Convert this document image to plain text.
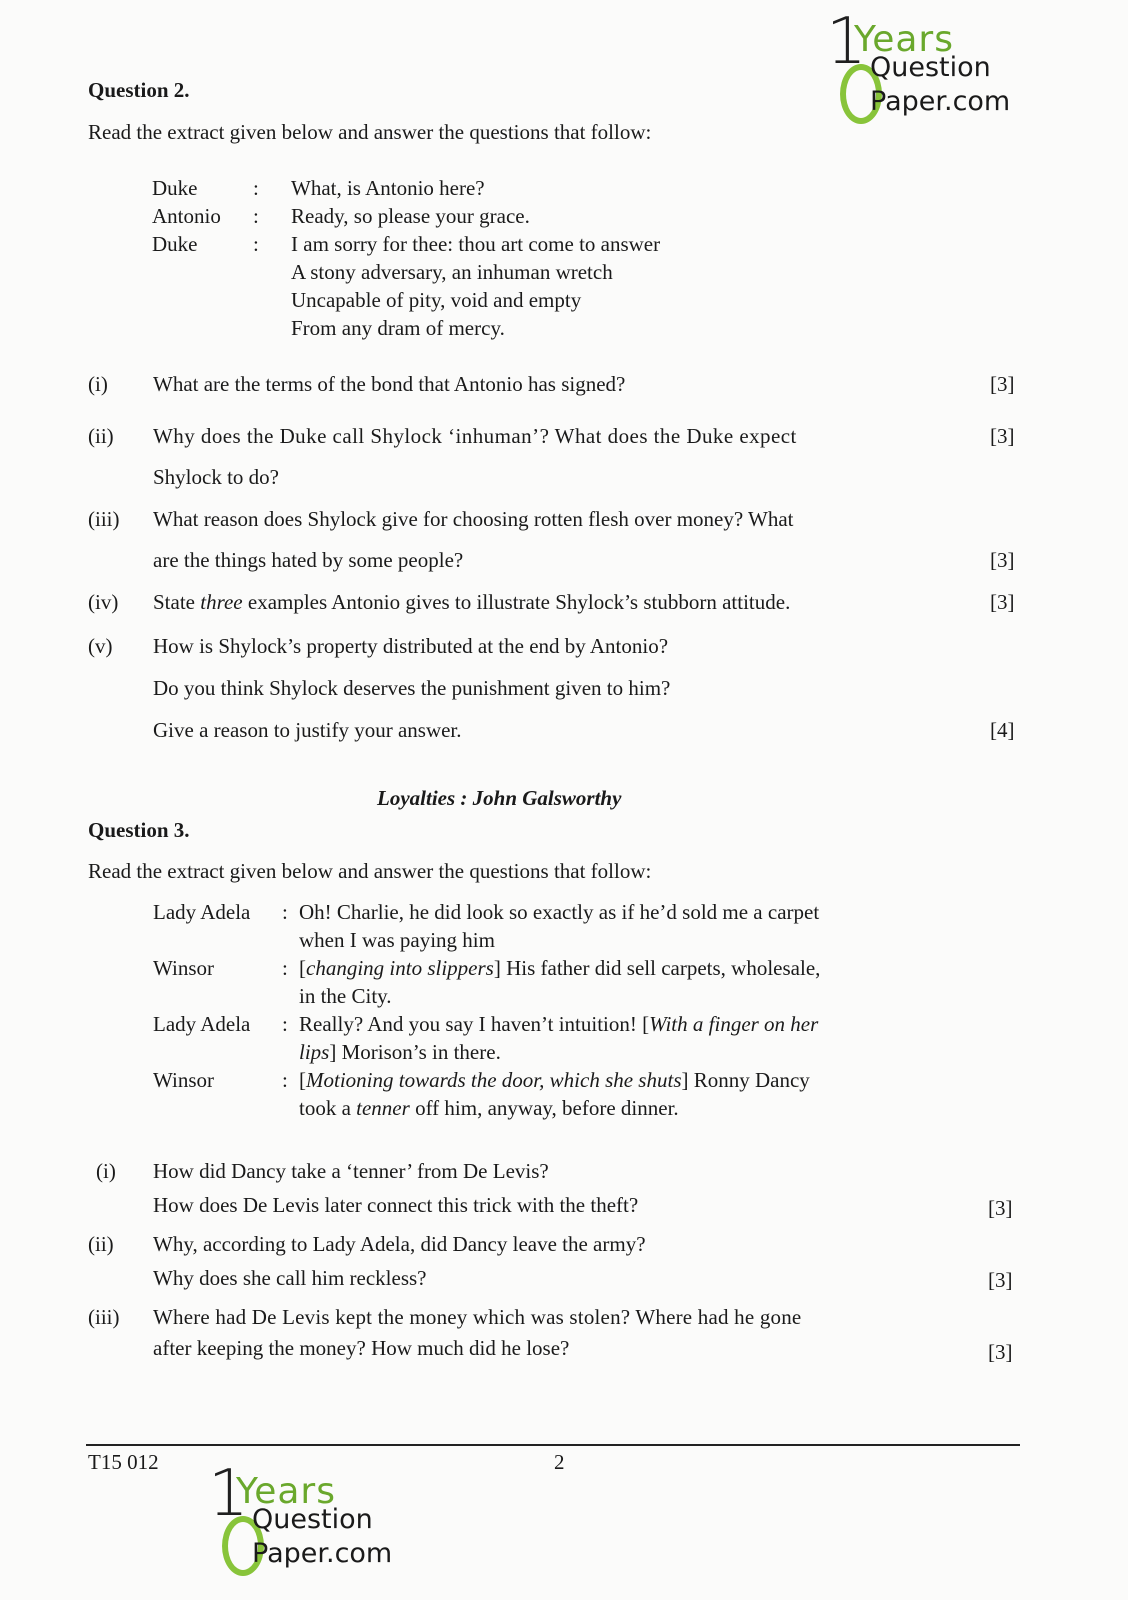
1
Years
Question
Paper.com
Question 2.
Read the extract given below and answer the questions that follow:
Duke	: What, is Antonio here?
Antonio : Ready, so please your grace.
Duke	: I am sorry for thee: thou art come to answer
A stony adversary, an inhuman wretch
Uncapable of pity, void and empty
From any dram of mercy.
(i) What are the terms of the bond that Antonio has signed?	[3]
(ii) Why does the Duke call Shylock ‘inhuman’? What does the Duke expect
Shylock to do?
[3]
(iii) What reason does Shylock give for choosing rotten flesh over money? What
are the things hated by some people?	[3]
(iv) State three examples Antonio gives to illustrate Shylock’s stubborn attitude.	[3]
(v) How is Shylock’s property distributed at the end by Antonio?
Do you think Shylock deserves the punishment given to him?
Give a reason to justify your answer.	[4]
Loyalties : John Galsworthy
Question 3.
Read the extract given below and answer the questions that follow:
Lady Adela : Oh! Charlie, he did look so exactly as if he’d sold me a carpet
when I was paying him
Winsor	: [changing into slippers] His father did sell carpets, wholesale,
in the City.
Lady Adela : Really? And you say I haven’t intuition! [With a finger on her
lips] Morison’s in there.
Winsor	: [Motioning towards the door, which she shuts] Ronny Dancy
took a tenner off him, anyway, before dinner.
(i) How did Dancy take a ‘tenner’ from De Levis?
How does De Levis later connect this trick with the theft?	[3]
(ii) Why, according to Lady Adela, did Dancy leave the army?
Why does she call him reckless?	[3]
(iii) Where had De Levis kept the money which was stolen? Where had he gone
after keeping the money? How much did he lose?	[3]
T15 012	2
1
Years
Question
Paper.com
